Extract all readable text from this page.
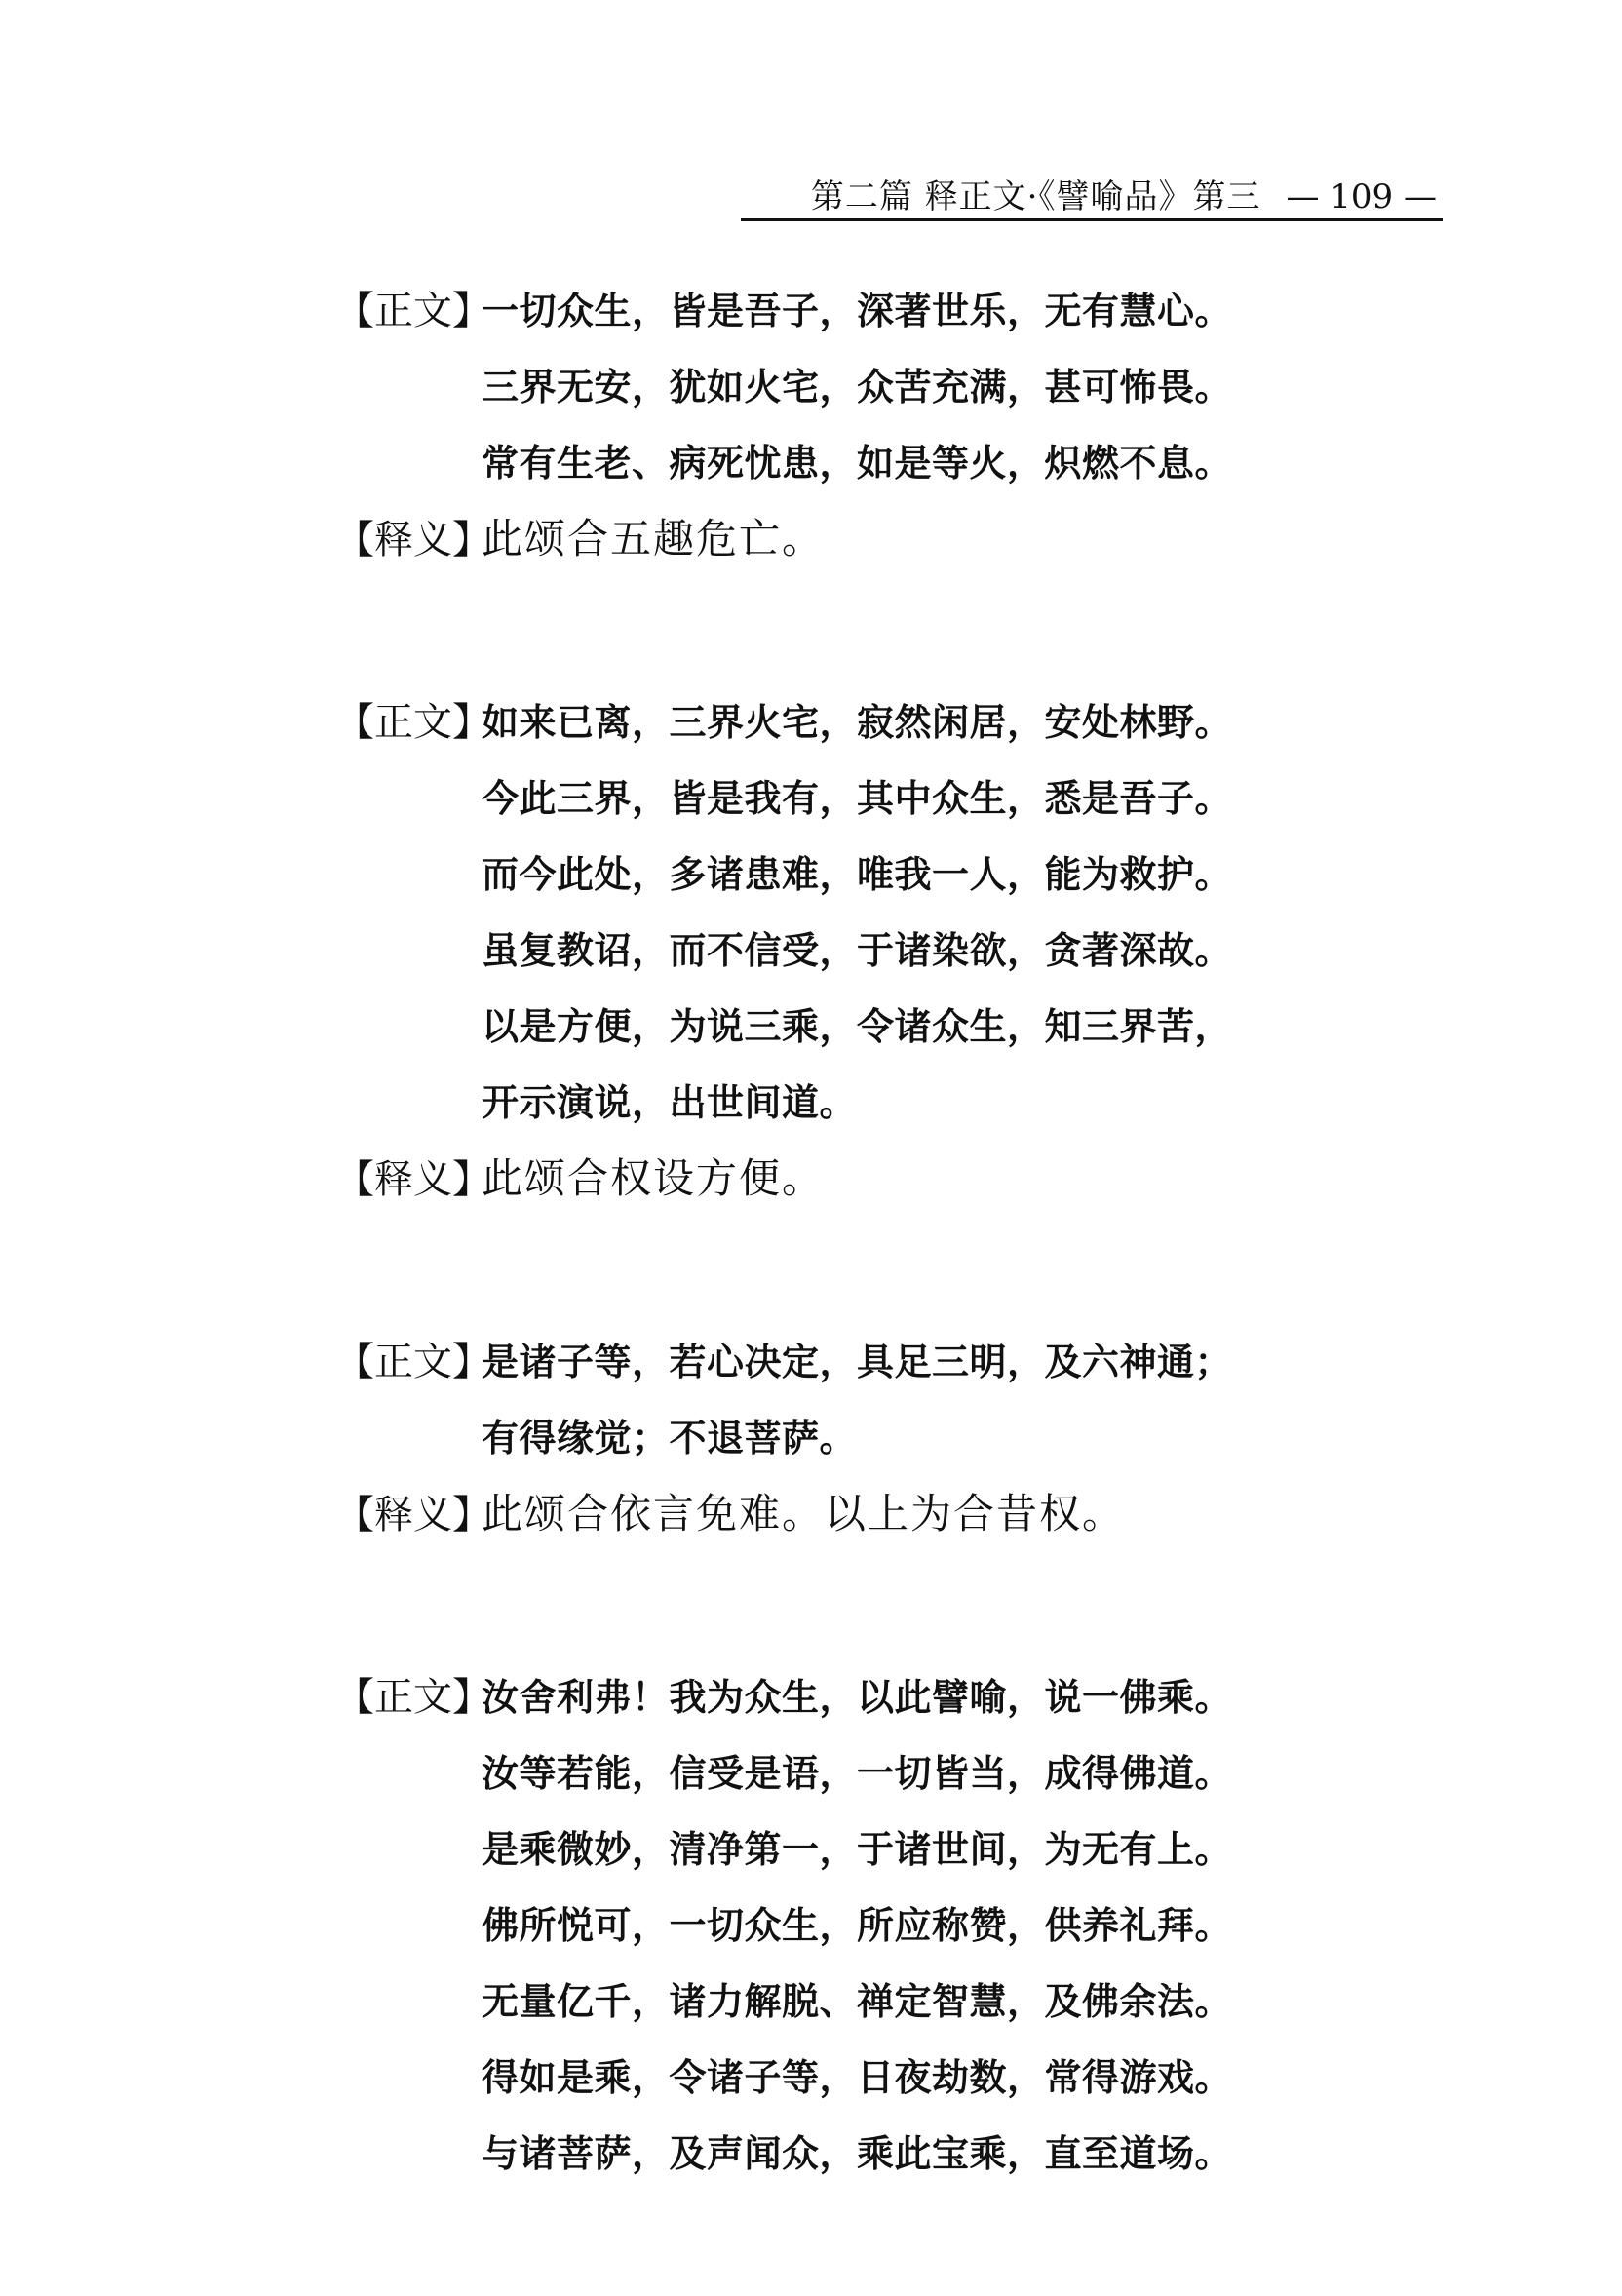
第二篇 释正文·《譬喻品》第三 — 109 —
【正文】
一切众生，皆是吾子，深著世乐，无有慧心。
三界无安，犹如火宅，众苦充满，甚可怖畏。
常有生老、病死忧患，如是等火，炽燃不息。
【释义】
此颂合五趣危亡。
【正文】
如来已离，三界火宅，寂然闲居，安处林野。
今此三界，皆是我有，其中众生，悉是吾子。
而今此处，多诸患难，唯我一人，能为救护。
虽复教诏，而不信受，于诸染欲，贪著深故。
以是方便，为说三乘，令诸众生，知三界苦，
开示演说，出世间道。
【释义】
此颂合权设方便。
【正文】
是诸子等，若心决定，具足三明，及六神通；
有得缘觉；不退菩萨。
【释义】
此颂合依言免难。以上为合昔权。
【正文】
汝舍利弗！我为众生，以此譬喻，说一佛乘。
汝等若能，信受是语，一切皆当，成得佛道。
是乘微妙，清净第一，于诸世间，为无有上。
佛所悦可，一切众生，所应称赞，供养礼拜。
无量亿千，诸力解脱、禅定智慧，及佛余法。
得如是乘，令诸子等，日夜劫数，常得游戏。
与诸菩萨，及声闻众，乘此宝乘，直至道场。
